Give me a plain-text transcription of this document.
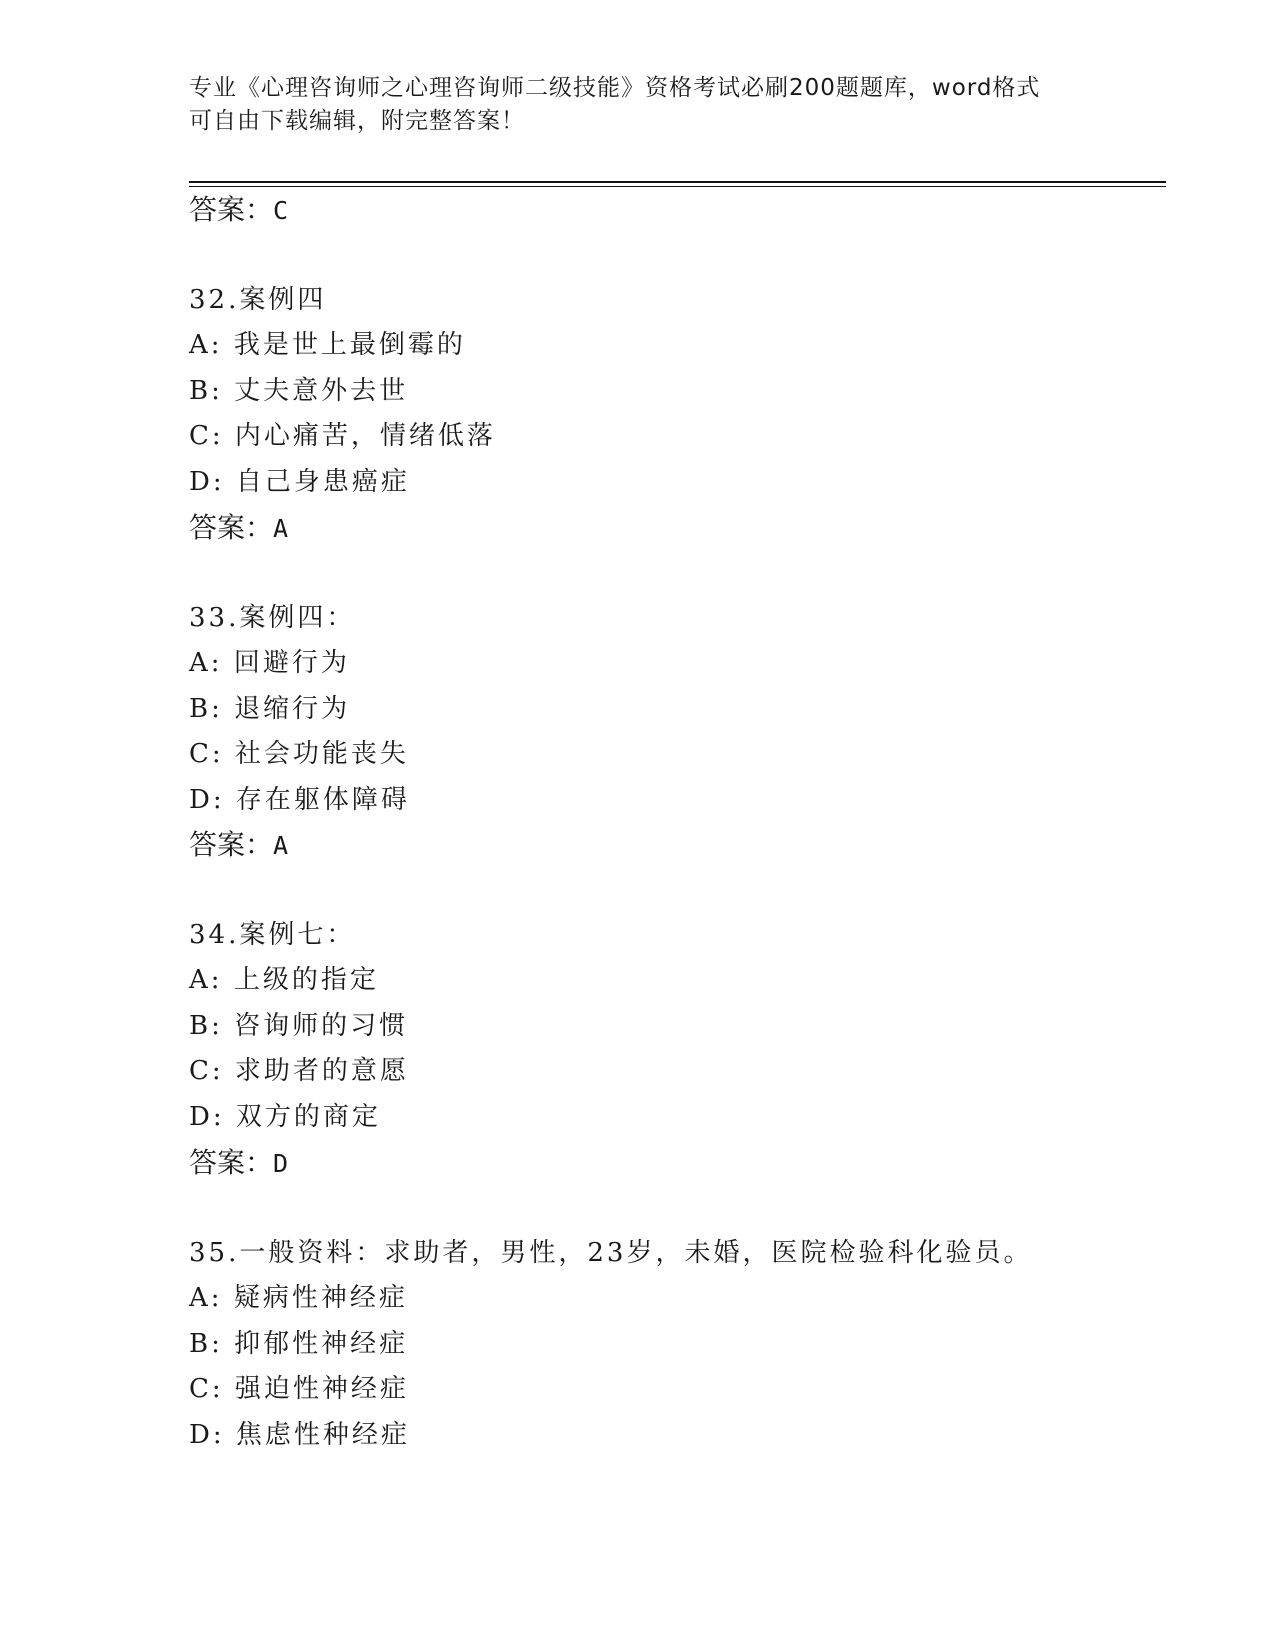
专业《心理咨询师之心理咨询师二级技能》资格考试必刷200题题库，word格式
可自由下载编辑，附完整答案！
答案：C
32.案例四
A: 我是世上最倒霉的
B: 丈夫意外去世
C: 内心痛苦，情绪低落
D: 自己身患癌症
答案：A
33.案例四：
A: 回避行为
B: 退缩行为
C: 社会功能丧失
D: 存在躯体障碍
答案：A
34.案例七：
A: 上级的指定
B: 咨询师的习惯
C: 求助者的意愿
D: 双方的商定
答案：D
35.一般资料：求助者，男性，23岁，未婚，医院检验科化验员。
A: 疑病性神经症
B: 抑郁性神经症
C: 强迫性神经症
D: 焦虑性种经症
